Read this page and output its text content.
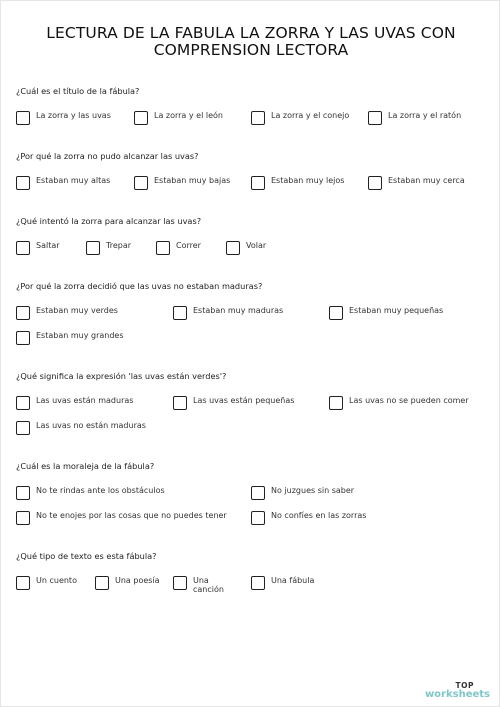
LECTURA DE LA FABULA LA ZORRA Y LAS UVAS CON
COMPRENSION LECTORA
¿Cuál es el título de la fábula?
La zorra y las uvas	La zorra y el león	La zorra y el conejo	La zorra y el ratón
¿Por qué la zorra no pudo alcanzar las uvas?
Estaban muy altas	Estaban muy bajas	Estaban muy lejos	Estaban muy cerca
¿Qué intentó la zorra para alcanzar las uvas?
Saltar	Trepar	Correr	Volar
¿Por qué la zorra decidió que las uvas no estaban maduras?
Estaban muy verdes	Estaban muy maduras	Estaban muy pequeñas
Estaban muy grandes
¿Qué significa la expresión 'las uvas están verdes'?
Las uvas están maduras	Las uvas están pequeñas	Las uvas no se pueden comer
Las uvas no están maduras
¿Cuál es la moraleja de la fábula?
No te rindas ante los obstáculos	No juzgues sin saber
No te enojes por las cosas que no puedes tener	No confíes en las zorras
¿Qué tipo de texto es esta fábula?
Un cuento	Una poesía	Una canción
Una fábula
TOP
worksheets
